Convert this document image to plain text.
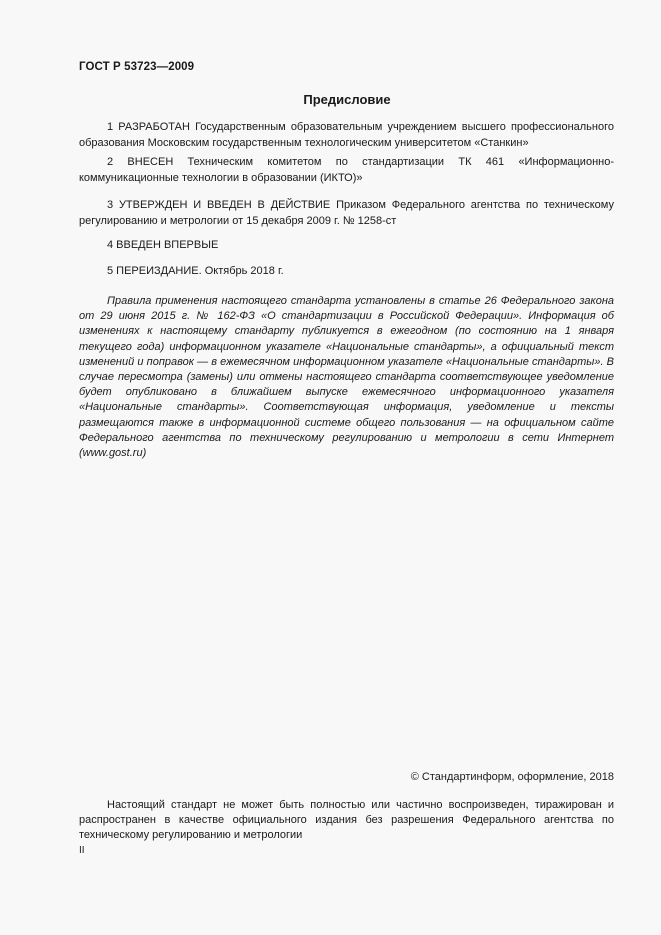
ГОСТ Р 53723—2009
Предисловие

1 РАЗРАБОТАН Государственным образовательным учреждением высшего профессионального образования Московским государственным технологическим университетом «Станкин»

2 ВНЕСЕН Техническим комитетом по стандартизации ТК 461 «Информационно-коммуникационные технологии в образовании (ИКТО)»

3 УТВЕРЖДЕН И ВВЕДЕН В ДЕЙСТВИЕ Приказом Федерального агентства по техническому регулированию и метрологии от 15 декабря 2009 г. № 1258-ст

4 ВВЕДЕН ВПЕРВЫЕ

5 ПЕРЕИЗДАНИЕ. Октябрь 2018 г.

Правила применения настоящего стандарта установлены в статье 26 Федерального закона от 29 июня 2015 г. № 162-ФЗ «О стандартизации в Российской Федерации». Информация об изменениях к настоящему стандарту публикуется в ежегодном (по состоянию на 1 января текущего года) информационном указателе «Национальные стандарты», а официальный текст изменений и поправок — в ежемесячном информационном указателе «Национальные стандарты». В случае пересмотра (замены) или отмены настоящего стандарта соответствующее уведомление будет опубликовано в ближайшем выпуске ежемесячного информационного указателя «Национальные стандарты». Соответствующая информация, уведомление и тексты размещаются также в информационной системе общего пользования — на официальном сайте Федерального агентства по техническому регулированию и метрологии в сети Интернет (www.gost.ru)

© Стандартинформ, оформление, 2018

Настоящий стандарт не может быть полностью или частично воспроизведен, тиражирован и распространен в качестве официального издания без разрешения Федерального агентства по техническому регулированию и метрологии

II
